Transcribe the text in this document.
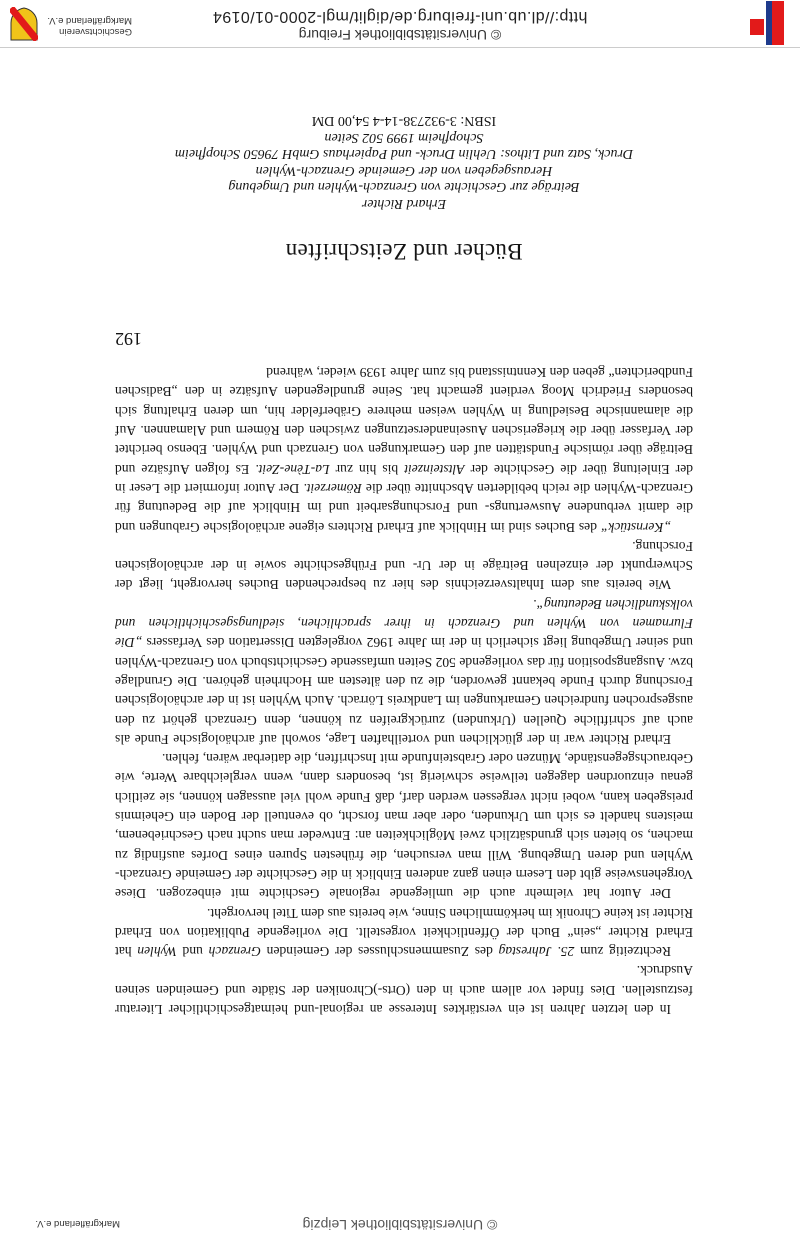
© Universitätsbibliothek Freiburg
http://dl.ub.uni-freiburg.de/diglit/mgl-2000-01/0194
Geschichtsverein
Markgräflerland e.V.
© Universitätsbibliothek Leipzig
Markgräflerland e.V.
Bücher und Zeitschriften
Erhard Richter
Beiträge zur Geschichte von Grenzach-Wyhlen und Umgebung
Herausgegeben von der Gemeinde Grenzach-Wyhlen
Druck, Satz und Lithos: Uehlin Druck- und Papierhaus GmbH 79650 Schopfheim
Schopfheim 1999 502 Seiten
ISBN: 3-932738-14-4 54,00 DM

In den letzten Jahren ist ein verstärktes Interesse an regional-und heimatgeschichtlicher Literatur festzustellen. Dies findet vor allem auch in den (Orts-)Chroniken der Städte und Gemeinden seinen Ausdruck.

Rechtzeitig zum 25. Jahrestag des Zusammenschlusses der Gemeinden Grenzach und Wyhlen hat Erhard Richter „sein“ Buch der Öffentlichkeit vorgestellt. Die vorliegende Publikation von Erhard Richter ist keine Chronik im herkömmlichen Sinne, wie bereits aus dem Titel hervorgeht.

Der Autor hat vielmehr auch die umliegende regionale Geschichte mit einbezogen. Diese Vorgehensweise gibt den Lesern einen ganz anderen Einblick in die Geschichte der Gemeinde Grenzach-Wyhlen und deren Umgebung. Will man versuchen, die frühesten Spuren eines Dorfes ausfindig zu machen, so bieten sich grundsätzlich zwei Möglichkeiten an: Entweder man sucht nach Geschriebenem, meistens handelt es sich um Urkunden, oder aber man forscht, ob eventuell der Boden ein Geheimnis preisgeben kann, wobei nicht vergessen werden darf, daß Funde wohl viel aussagen können, sie zeitlich genau einzuordnen dagegen teilweise schwierig ist, besonders dann, wenn vergleichbare Werte, wie Gebrauchsgegenstände, Münzen oder Grabsteinfunde mit Inschriften, die datierbar wären, fehlen.

Erhard Richter war in der glücklichen und vorteilhaften Lage, sowohl auf archäologische Funde als auch auf schriftliche Quellen (Urkunden) zurückgreifen zu können, denn Grenzach gehört zu den ausgesprochen fundreichen Gemarkungen im Landkreis Lörrach. Auch Wyhlen ist in der archäologischen Forschung durch Funde bekannt geworden, die zu den ältesten am Hochrhein gehören. Die Grundlage bzw. Ausgangsposition für das vorliegende 502 Seiten umfassende Geschichtsbuch von Grenzach-Wyhlen und seiner Umgebung liegt sicherlich in der im Jahre 1962 vorgelegten Dissertation des Verfassers „Die Flurnamen von Wyhlen und Grenzach in ihrer sprachlichen, siedlungsgeschichtlichen und volkskundlichen Bedeutung“.

Wie bereits aus dem Inhaltsverzeichnis des hier zu besprechenden Buches hervorgeht, liegt der Schwerpunkt der einzelnen Beiträge in der Ur- und Frühgeschichte sowie in der archäologischen Forschung.

„Kernstück“ des Buches sind im Hinblick auf Erhard Richters eigene archäologische Grabungen und die damit verbundene Auswertungs- und Forschungsarbeit und im Hinblick auf die Bedeutung für Grenzach-Wyhlen die reich bebilderten Abschnitte über die Römerzeit. Der Autor informiert die Leser in der Einleitung über die Geschichte der Altsteinzeit bis hin zur La-Tène-Zeit. Es folgen Aufsätze und Beiträge über römische Fundstätten auf den Gemarkungen von Grenzach und Wyhlen. Ebenso berichtet der Verfasser über die kriegerischen Auseinandersetzungen zwischen den Römern und Alamannen. Auf die alamannische Besiedlung in Wyhlen weisen mehrere Gräberfelder hin, um deren Erhaltung sich besonders Friedrich Moog verdient gemacht hat. Seine grundlegenden Aufsätze in den „Badischen Fundberichten“ geben den Kenntnisstand bis zum Jahre 1939 wieder, während

192
